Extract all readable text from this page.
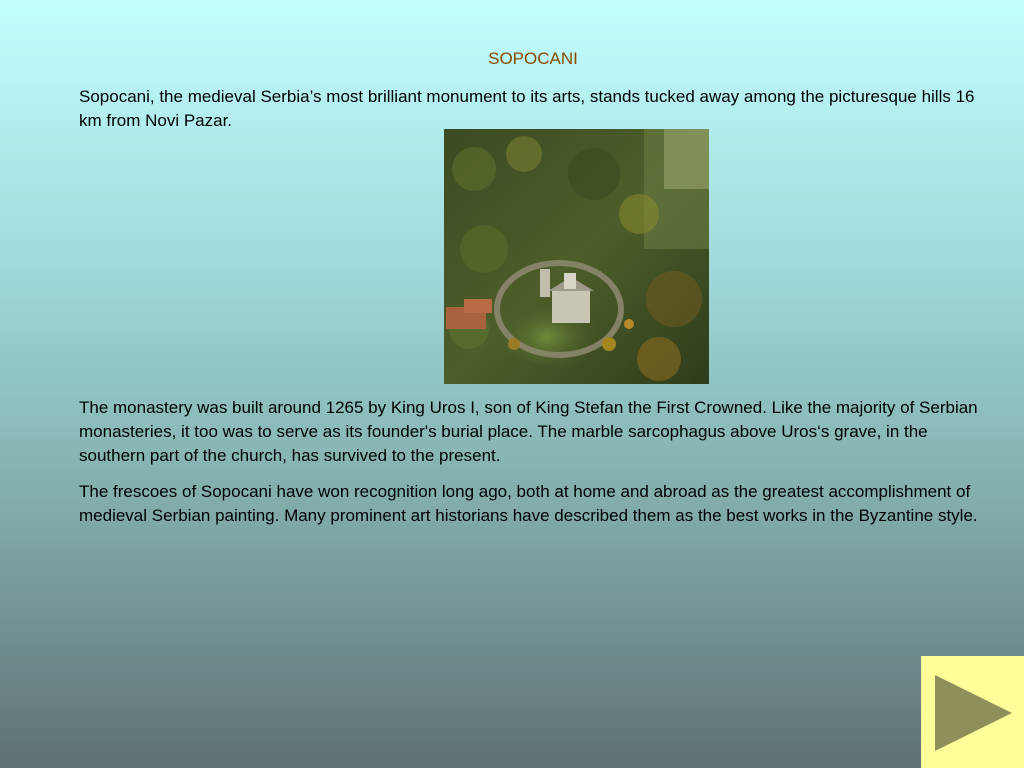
SOPOCANI

Sopocani, the medieval Serbia’s most brilliant monument to its arts, stands tucked away among the picturesque hills 16 km from Novi Pazar.

The monastery was built around 1265 by King Uros I, son of King Stefan the First Crowned. Like the majority of Serbian monasteries, it too was to serve as its founder's burial place. The marble sarcophagus above Uros‘s grave, in the southern part of the church, has survived to the present.

The frescoes of Sopocani have won recognition long ago, both at home and abroad as the greatest accomplishment of medieval Serbian painting. Many prominent art historians have described them as the best works in the Byzantine style.
